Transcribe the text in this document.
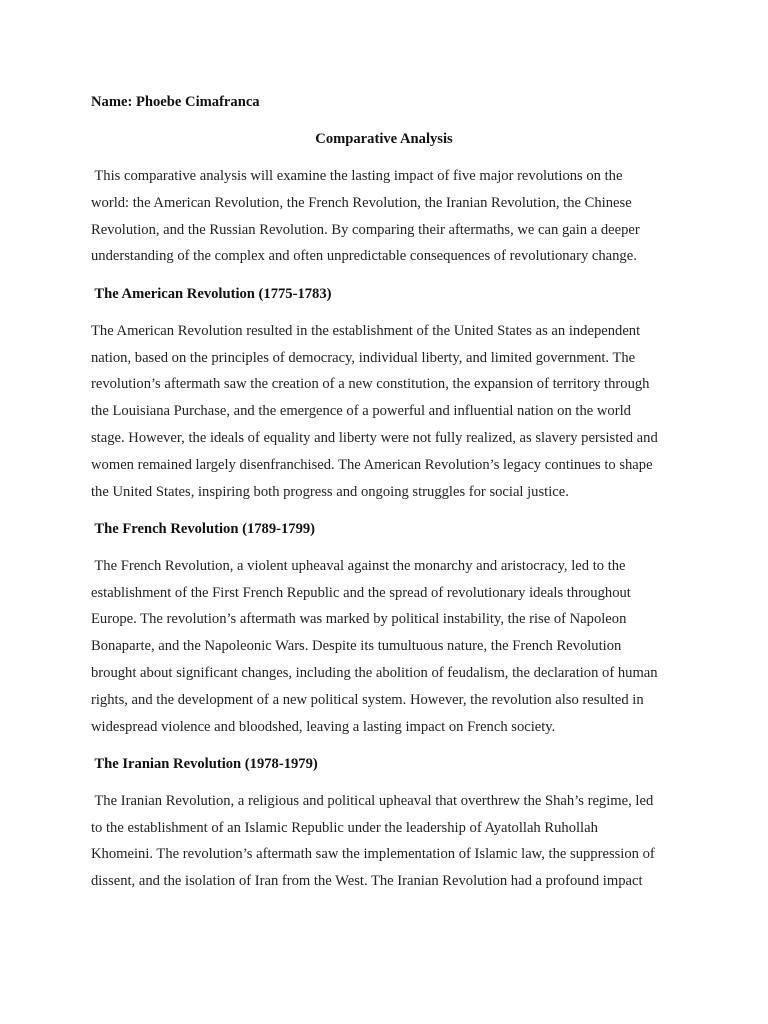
Name: Phoebe Cimafranca
Comparative Analysis
This comparative analysis will examine the lasting impact of five major revolutions on the
world: the American Revolution, the French Revolution, the Iranian Revolution, the Chinese
Revolution, and the Russian Revolution. By comparing their aftermaths, we can gain a deeper
understanding of the complex and often unpredictable consequences of revolutionary change.
The American Revolution (1775-1783)
The American Revolution resulted in the establishment of the United States as an independent
nation, based on the principles of democracy, individual liberty, and limited government. The
revolution’s aftermath saw the creation of a new constitution, the expansion of territory through
the Louisiana Purchase, and the emergence of a powerful and influential nation on the world
stage. However, the ideals of equality and liberty were not fully realized, as slavery persisted and
women remained largely disenfranchised. The American Revolution’s legacy continues to shape
the United States, inspiring both progress and ongoing struggles for social justice.
The French Revolution (1789-1799)
The French Revolution, a violent upheaval against the monarchy and aristocracy, led to the
establishment of the First French Republic and the spread of revolutionary ideals throughout
Europe. The revolution’s aftermath was marked by political instability, the rise of Napoleon
Bonaparte, and the Napoleonic Wars. Despite its tumultuous nature, the French Revolution
brought about significant changes, including the abolition of feudalism, the declaration of human
rights, and the development of a new political system. However, the revolution also resulted in
widespread violence and bloodshed, leaving a lasting impact on French society.
The Iranian Revolution (1978-1979)
The Iranian Revolution, a religious and political upheaval that overthrew the Shah’s regime, led
to the establishment of an Islamic Republic under the leadership of Ayatollah Ruhollah
Khomeini. The revolution’s aftermath saw the implementation of Islamic law, the suppression of
dissent, and the isolation of Iran from the West. The Iranian Revolution had a profound impact
